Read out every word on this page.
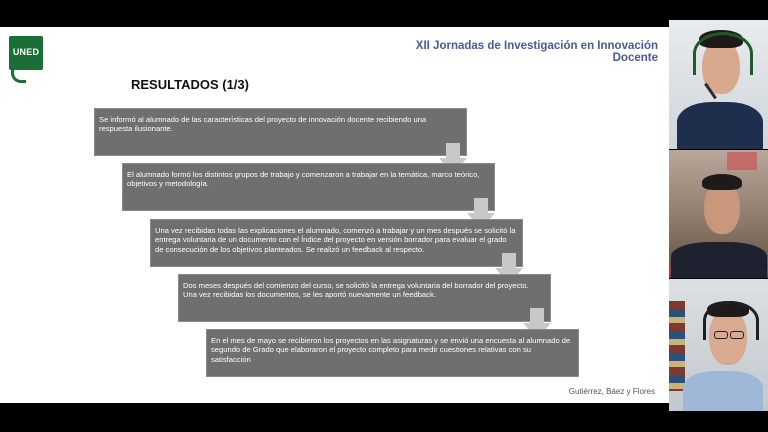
UNED	XII Jornadas de Investigación en Innovación Docente
RESULTADOS (1/3)
Se informó al alumnado de las características del proyecto de innovación docente recibiendo una respuesta ilusionante.
El alumnado formó los distintos grupos de trabajo y comenzaron a trabajar en la temática, marco teórico, objetivos y metodología.
Una vez recibidas todas las explicaciones el alumnado, comenzó a trabajar y un mes después se solicitó la entrega voluntaria de un documento con el Índice del proyecto en versión borrador para evaluar el grado de consecución de los objetivos planteados. Se realizó un feedback al respecto.
Dos meses después del comienzo del curso, se solicitó la entrega voluntaria del borrador del proyecto. Una vez recibidas los documentos, se les aportó nuevamente un feedback.
En el mes de mayo se recibieron los proyectos en las asignaturas y se envió una encuesta al alumnado de segundo de Grado que elaboraron el proyecto completo para medir cuestiones relativas con su satisfacción
Gutiérrez, Báez y Flores
